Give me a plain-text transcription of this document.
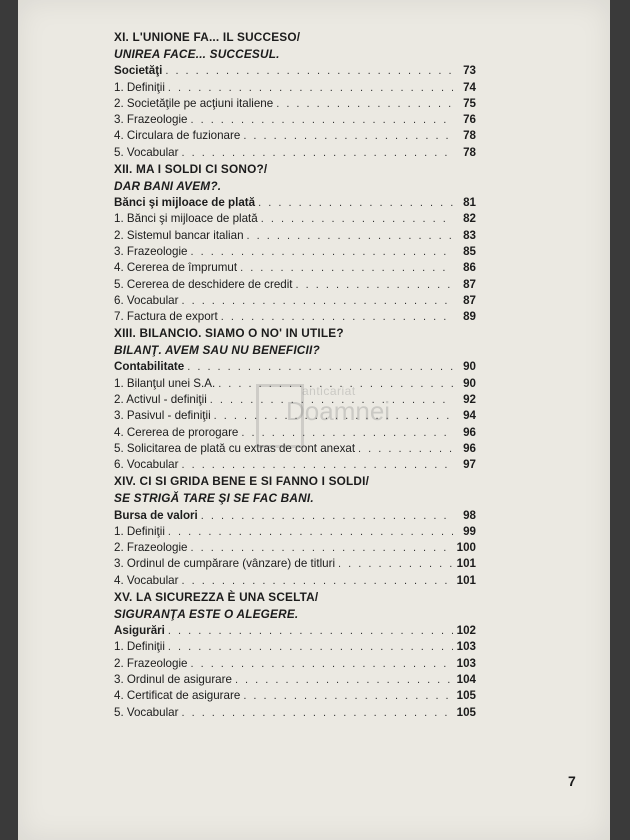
XI. L'UNIONE FA... IL SUCCESO/
UNIREA FACE... SUCCESUL.
Societăţi . . .	73
1. Definiţii . . .	74
2. Societăţile pe acţiuni italiene . . .	75
3. Frazeologie . . .	76
4. Circulara de fuzionare . . .	78
5. Vocabular . . .	78
XII. MA I SOLDI CI SONO?/
DAR BANI AVEM?.
Bănci şi mijloace de plată . . .	81
1. Bănci şi mijloace de plată . . .	82
2. Sistemul bancar italian . . .	83
3. Frazeologie . . .	85
4. Cererea de împrumut . . .	86
5. Cererea de deschidere de credit . . .	87
6. Vocabular . . .	87
7. Factura de export . . .	89
XIII. BILANCIO. SIAMO O NO' IN UTILE?
BILANŢ. AVEM SAU NU BENEFICII?
Contabilitate . . .	90
1. Bilanţul unei S.A. . . .	90
2. Activul - definiţii . . .	92
3. Pasivul - definiţii . . .	94
4. Cererea de prorogare . . .	96
5. Solicitarea de plată cu extras de cont anexat . . .	96
6. Vocabular . . .	97
XIV. CI SI GRIDA BENE E SI FANNO I SOLDI/
SE STRIGĂ TARE ŞI SE FAC BANI.
Bursa de valori . . .	98
1. Definiţii . . .	99
2. Frazeologie . . .	100
3. Ordinul de cumpărare (vânzare) de titluri . . .	101
4. Vocabular . . .	101
XV. LA SICUREZZA È UNA SCELTA/
SIGURANŢA ESTE O ALEGERE.
Asigurări . . .	102
1. Definiţii . . .	103
2. Frazeologie . . .	103
3. Ordinul de asigurare . . .	104
4. Certificat de asigurare . . .	105
5. Vocabular . . .	105
anticariat
Doamnei
7
